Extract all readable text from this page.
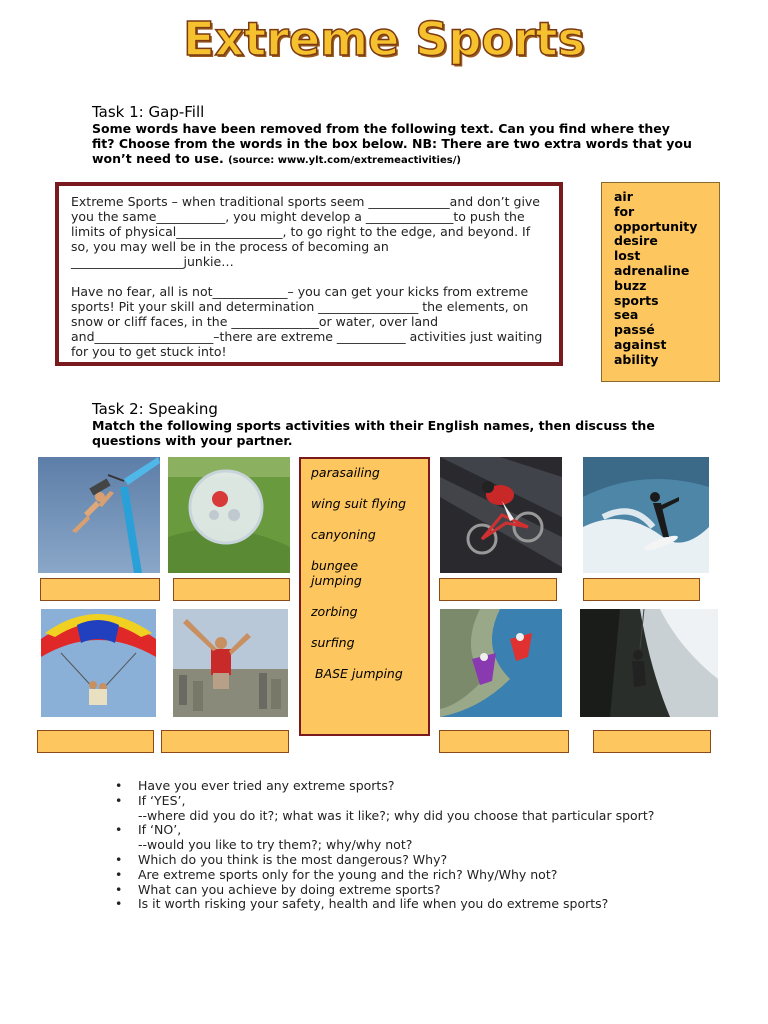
Extreme Sports
Task 1: Gap-Fill
Some words have been removed from the following text. Can you find where they fit? Choose from the words in the box below. NB: There are two extra words that you won’t need to use. (source: www.ylt.com/extremeactivities/)

Extreme Sports – when traditional sports seem _____________and don’t give you the same___________, you might develop a ______________to push the limits of physical_________________, to go right to the edge, and beyond. If so, you may well be in the process of becoming an __________________junkie…

Have no fear, all is not____________– you can get your kicks from extreme sports! Pit your skill and determination ________________ the elements, on snow or cliff faces, in the ______________or water, over land and___________________–there are extreme ___________ activities just waiting for you to get stuck into!

air
for
opportunity
desire
lost
adrenaline
buzz
sports
sea
passé
against
ability
Task 2: Speaking
Match the following sports activities with their English names, then discuss the questions with your partner.
parasailing
wing suit flying
canyoning
bungee jumping
zorbing
surfing
BASE jumping
• Have you ever tried any extreme sports?
• If ‘YES’,
--where did you do it?; what was it like?; why did you choose that particular sport?
• If ‘NO’,
--would you like to try them?; why/why not?
• Which do you think is the most dangerous? Why?
• Are extreme sports only for the young and the rich? Why/Why not?
• What can you achieve by doing extreme sports?
• Is it worth risking your safety, health and life when you do extreme sports?
